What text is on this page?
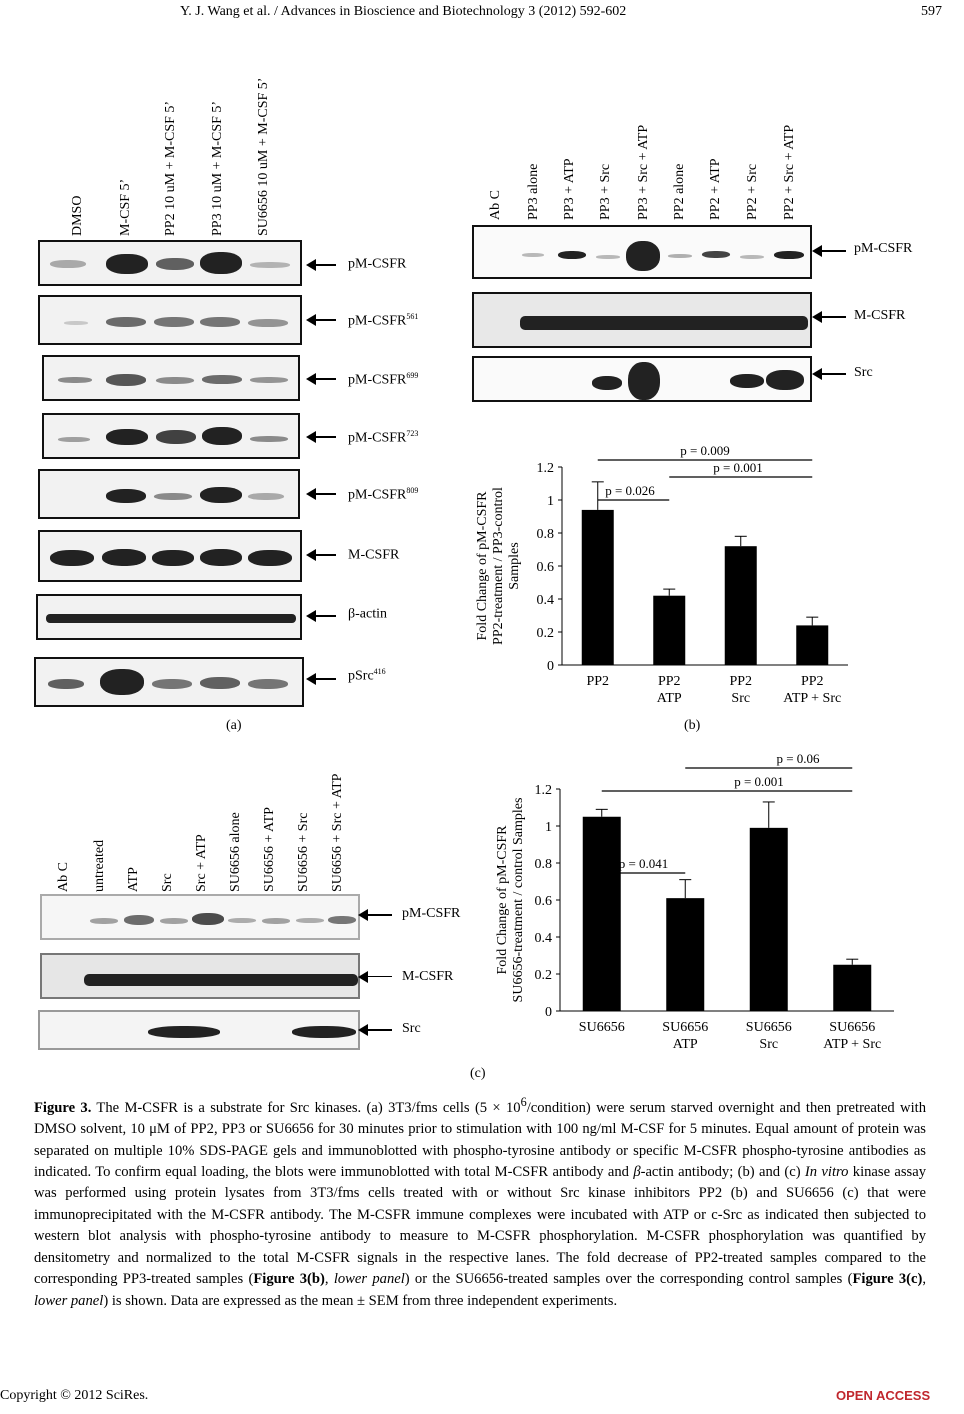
Y. J. Wang et al. / Advances in Bioscience and Biotechnology 3 (2012) 592-602	597
DMSO M-CSF 5’ PP2 10 uM + M-CSF 5’ PP3 10 uM + M-CSF 5’ SU6656 10 uM + M-CSF 5’
pM-CSFR
pM-CSFR$^{561}$
pM-CSFR$^{699}$
pM-CSFR$^{723}$
pM-CSFR$^{809}$
M-CSFR
β-actin
pSrc$^{416}$
(a)
Ab C PP3 alone PP3 + ATP PP3 + Src PP3 + Src + ATP PP2 alone PP2 + ATP PP2 + Src PP2 + Src + ATP
pM-CSFR
M-CSFR
Src
0
0.2
0.4
0.6
0.8
1
1.2
Fold Change of pM-CSFR PP2-treatment / PP3-control Samples
PP2	PP2
ATP
PP2
Src
PP2
ATP + Src
p = 0.009
p = 0.001
p = 0.026
(b)
Ab C untreated ATP Src Src + ATP SU6656 alone SU6656 + ATP SU6656 + Src SU6656 + Src + ATP
pM-CSFR
M-CSFR
Src
0
0.2
0.4
0.6
0.8
1
1.2
Fold Change of pM-CSFR SU6656-treatment / control Samples
SU6656	SU6656
ATP
SU6656
Src
SU6656
ATP + Src
p = 0.06
p = 0.001
p = 0.041
(c)
Figure 3. The M-CSFR is a substrate for Src kinases. (a) 3T3/fms cells $(5 \times 10^6/condition)$ were serum starved overnight and then pretreated with DMSO solvent, 10 μM of PP2, PP3 or SU6656 for 30 minutes prior to stimulation with 100 ng/ml M-CSF for 5 minutes. Equal amount of protein was separated on multiple 10% SDS-PAGE gels and immunoblotted with phospho-tyrosine antibody or specific M-CSFR phospho-tyrosine antibodies as indicated. To confirm equal loading, the blots were immunoblotted with total M-CSFR antibody and β-actin antibody; (b) and (c) In vitro kinase assay was performed using protein lysates from 3T3/fms cells treated with or without Src kinase inhibitors PP2 (b) and SU6656 (c) that were immunoprecipitated with the M-CSFR antibody. The M-CSFR immune complexes were incubated with ATP or c-Src as indicated then subjected to western blot analysis with phospho-tyrosine antibody to measure to M-CSFR phosphorylation. M-CSFR phosphorylation was quantified by densitometry and normalized to the total M-CSFR signals in the respective lanes. The fold decrease of PP2-treated samples compared to the corresponding PP3-treated samples (Figure 3(b), lower panel) or the SU6656-treated samples over the corresponding control samples (Figure 3(c), lower panel) is shown. Data are expressed as the mean ± SEM from three independent experiments.
Copyright © 2012 SciRes.	OPEN ACCESS
